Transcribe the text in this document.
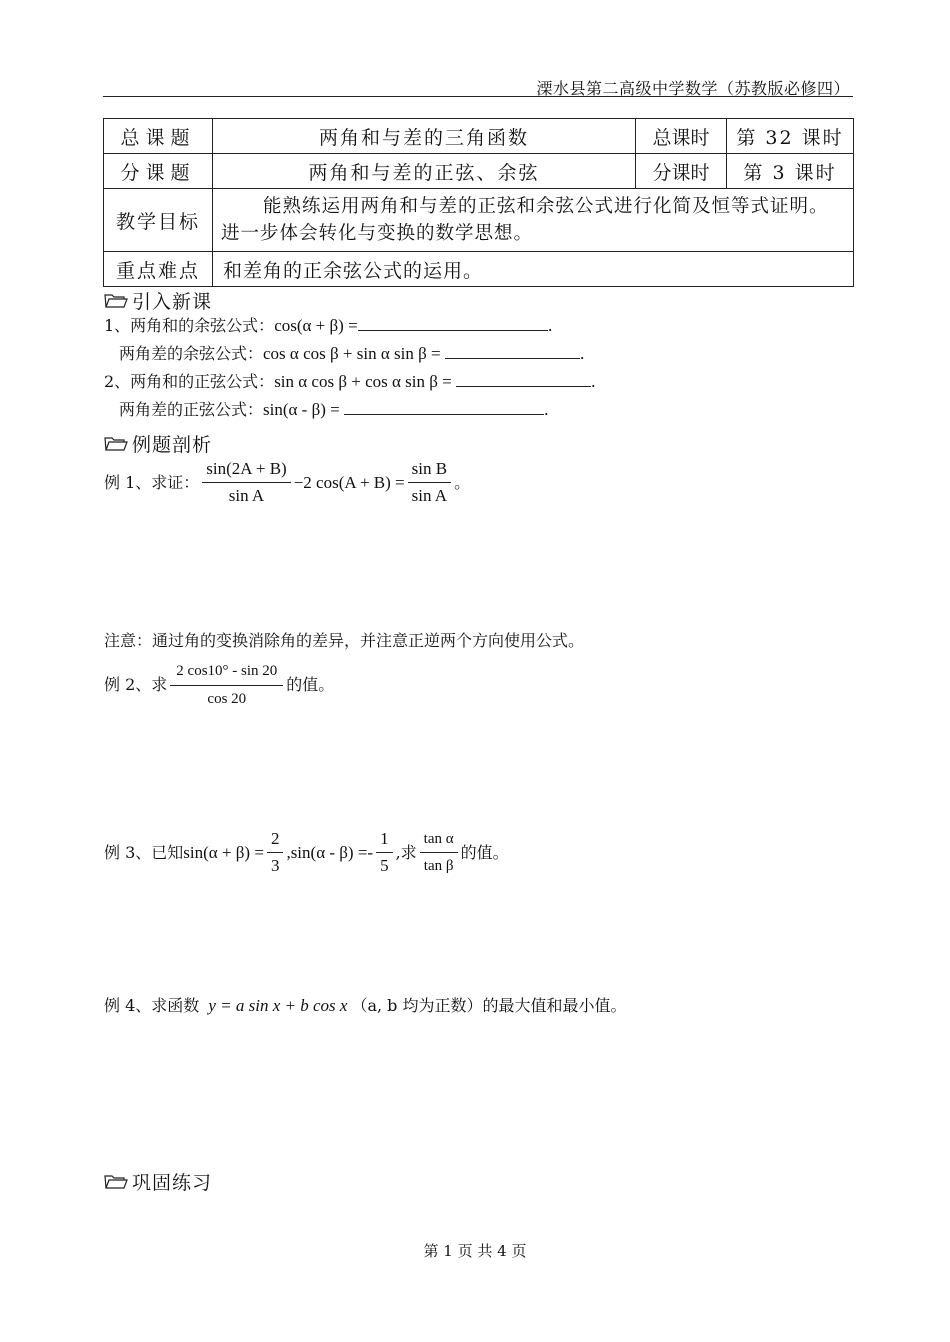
溧水县第二高级中学数学（苏教版必修四）
总课题	两角和与差的三角函数	总课时	第 32 课时
分课题	两角和与差的正弦、余弦	分课时	第 3 课时
教学目标	能熟练运用两角和与差的正弦和余弦公式进行化简及恒等式证明。进一步体会转化与变换的数学思想。		
重点难点	和差角的正余弦公式的运用。		
引入新课
1、两角和的余弦公式：cos(α + β) =	.
两角差的余弦公式：cos α cos β + sin α sin β =	.
2、两角和的正弦公式：sin α cos β + cos α sin β =	.
两角差的正弦公式：sin(α - β) =	.
例题剖析
例 1、求证： $\frac{\sin(2A + B)}{\text{sin A}} -2$ $\cos(A + B) = \frac{\text{sin B}}{\text{sin A}}$ 。
注意：通过角的变换消除角的差异，并注意正逆两个方向使用公式。
例 2、求 $\frac{2 \cos 10^\circ - \sin 20}{\cos 20}$ 的值。
例 3、已知 $\sin(\alpha + \beta) = \frac{2}{3} ,\sin(\alpha - \beta) =- \frac{1}{5}$ ,求 $\frac{\text{tan α}}{\text{tan β}}$ 的值。
例 4、求函数 y = a sin x + b cos x （a, b 均为正数）的最大值和最小值。
巩固练习
第 1 页 共 4 页
